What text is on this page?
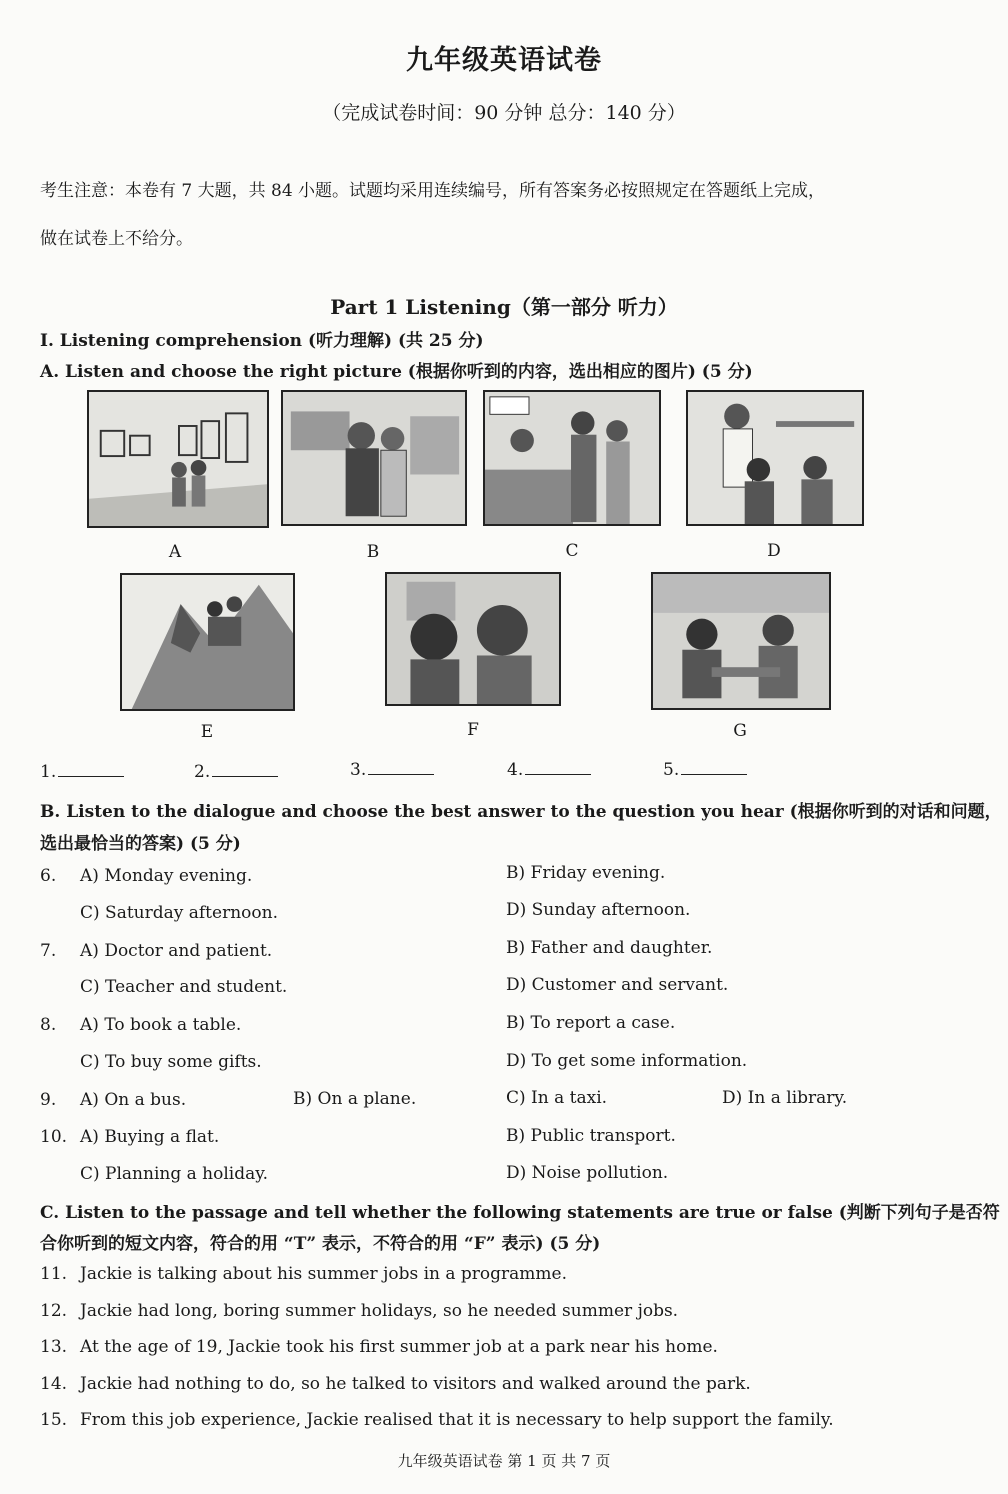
九年级英语试卷
（完成试卷时间：90 分钟 总分：140 分）
考生注意：本卷有 7 大题，共 84 小题。试题均采用连续编号，所有答案务必按照规定在答题纸上完成，
做在试卷上不给分。
Part 1 Listening（第一部分 听力）
I. Listening comprehension (听力理解) (共 25 分)
A. Listen and choose the right picture (根据你听到的内容，选出相应的图片) (5 分)
A	B	C	D
E	F	G
1.	2.	3.	4.	5.
B. Listen to the dialogue and choose the best answer to the question you hear (根据你听到的对话和问题，
选出最恰当的答案) (5 分)
6. A) Monday evening.	B) Friday evening.
C) Saturday afternoon.	D) Sunday afternoon.
7. A) Doctor and patient.	B) Father and daughter.
C) Teacher and student.	D) Customer and servant.
8. A) To book a table.	B) To report a case.
C) To buy some gifts.	D) To get some information.
9. A) On a bus.	B) On a plane.	C) In a taxi.	D) In a library.
10. A) Buying a flat.	B) Public transport.
C) Planning a holiday.	D) Noise pollution.
C. Listen to the passage and tell whether the following statements are true or false (判断下列句子是否符
合你听到的短文内容，符合的用 “T” 表示，不符合的用 “F” 表示) (5 分)
11. Jackie is talking about his summer jobs in a programme.
12. Jackie had long, boring summer holidays, so he needed summer jobs.
13. At the age of 19, Jackie took his first summer job at a park near his home.
14. Jackie had nothing to do, so he talked to visitors and walked around the park.
15. From this job experience, Jackie realised that it is necessary to help support the family.
九年级英语试卷 第 1 页 共 7 页
